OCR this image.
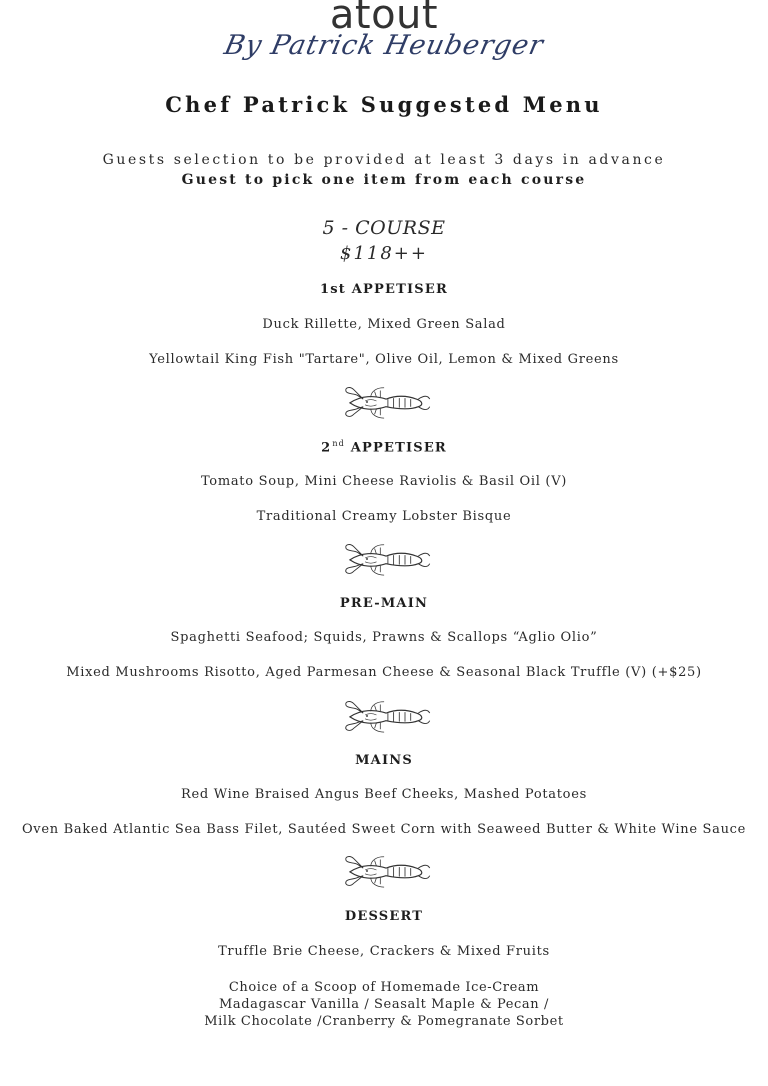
atout
By Patrick Heuberger
Chef Patrick Suggested Menu
Guests selection to be provided at least 3 days in advance
Guest to pick one item from each course
5 - COURSE
$118++
1st APPETISER
Duck Rillette, Mixed Green Salad
Yellowtail King Fish "Tartare", Olive Oil, Lemon & Mixed Greens
2nd APPETISER
Tomato Soup, Mini Cheese Raviolis & Basil Oil (V)
Traditional Creamy Lobster Bisque
PRE-MAIN
Spaghetti Seafood; Squids, Prawns & Scallops “Aglio Olio”
Mixed Mushrooms Risotto, Aged Parmesan Cheese & Seasonal Black Truffle (V) (+$25)
MAINS
Red Wine Braised Angus Beef Cheeks, Mashed Potatoes
Oven Baked Atlantic Sea Bass Filet, Sautéed Sweet Corn with Seaweed Butter & White Wine Sauce
DESSERT
Truffle Brie Cheese, Crackers & Mixed Fruits
Choice of a Scoop of Homemade Ice-Cream
Madagascar Vanilla / Seasalt Maple & Pecan /
Milk Chocolate /Cranberry & Pomegranate Sorbet
